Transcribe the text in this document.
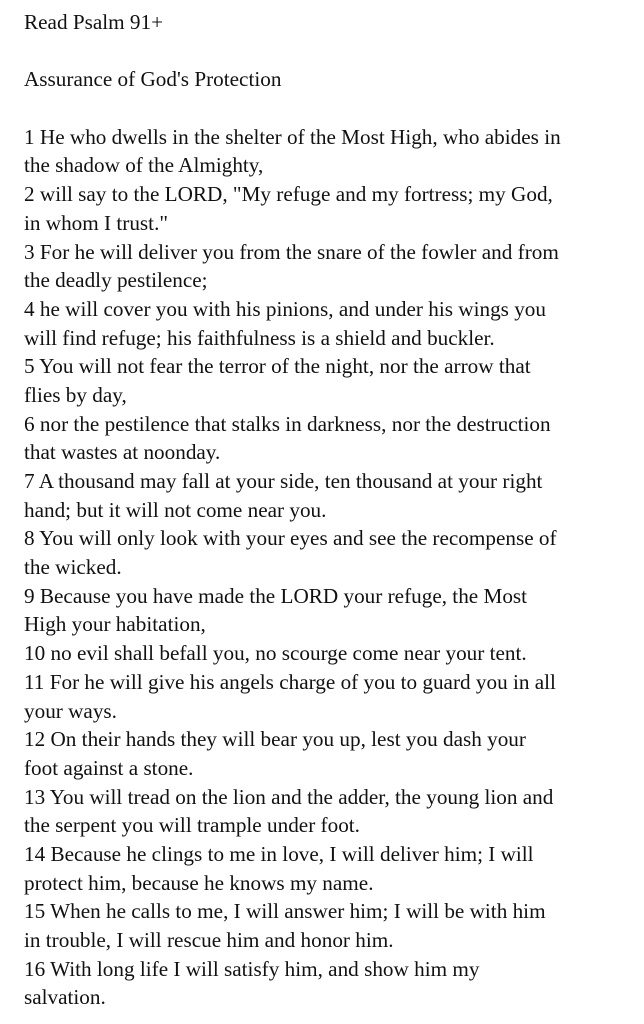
Read Psalm 91+
Assurance of God's Protection
1 He who dwells in the shelter of the Most High, who abides in
the shadow of the Almighty,
2 will say to the LORD, "My refuge and my fortress; my God,
in whom I trust."
3 For he will deliver you from the snare of the fowler and from
the deadly pestilence;
4 he will cover you with his pinions, and under his wings you
will find refuge; his faithfulness is a shield and buckler.
5 You will not fear the terror of the night, nor the arrow that
flies by day,
6 nor the pestilence that stalks in darkness, nor the destruction
that wastes at noonday.
7 A thousand may fall at your side, ten thousand at your right
hand; but it will not come near you.
8 You will only look with your eyes and see the recompense of
the wicked.
9 Because you have made the LORD your refuge, the Most
High your habitation,
10 no evil shall befall you, no scourge come near your tent.
11 For he will give his angels charge of you to guard you in all
your ways.
12 On their hands they will bear you up, lest you dash your
foot against a stone.
13 You will tread on the lion and the adder, the young lion and
the serpent you will trample under foot.
14 Because he clings to me in love, I will deliver him; I will
protect him, because he knows my name.
15 When he calls to me, I will answer him; I will be with him
in trouble, I will rescue him and honor him.
16 With long life I will satisfy him, and show him my
salvation.
